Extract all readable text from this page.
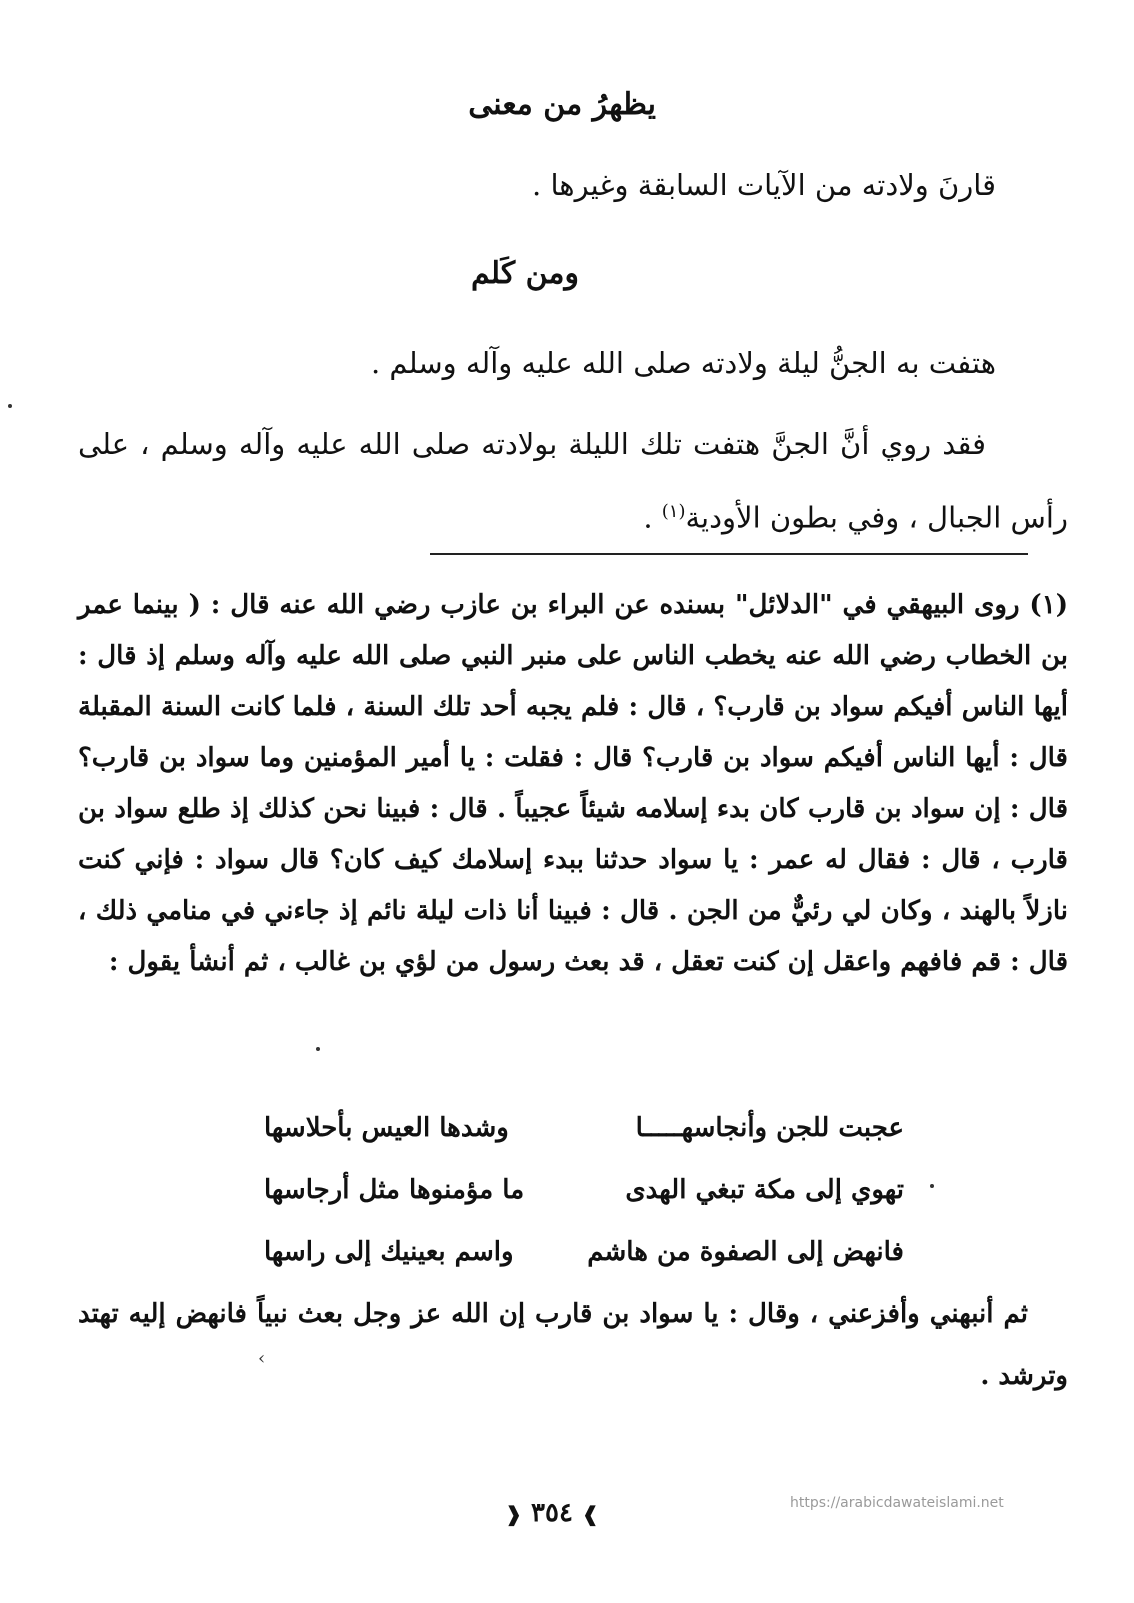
يظهرُ من معنى
قارنَ ولادته من الآيات السابقة وغيرها .
ومن كَلم
هتفت به الجنُّ ليلة ولادته صلى الله عليه وآله وسلم .
فقد روي أنَّ الجنَّ هتفت تلك الليلة بولادته صلى الله عليه وآله وسلم ، على رأس الجبال ، وفي بطون الأودية$^{(١)}$ .
(١) روى البيهقي في "الدلائل" بسنده عن البراء بن عازب رضي الله عنه قال : ( بينما عمر بن الخطاب رضي الله عنه يخطب الناس على منبر النبي صلى الله عليه وآله وسلم إذ قال : أيها الناس أفيكم سواد بن قارب؟ ، قال : فلم يجبه أحد تلك السنة ، فلما كانت السنة المقبلة قال : أيها الناس أفيكم سواد بن قارب؟ قال : فقلت : يا أمير المؤمنين وما سواد بن قارب؟ قال : إن سواد بن قارب كان بدء إسلامه شيئاً عجيباً . قال : فبينا نحن كذلك إذ طلع سواد بن قارب ، قال : فقال له عمر : يا سواد حدثنا ببدء إسلامك كيف كان؟ قال سواد : فإني كنت نازلاً بالهند ، وكان لي رئيٌّ من الجن . قال : فبينا أنا ذات ليلة نائم إذ جاءني في منامي ذلك ، قال : قم فافهم واعقل إن كنت تعقل ، قد بعث رسول من لؤي بن غالب ، ثم أنشأ يقول :
عجبت للجن وأنجاسهـــــا
وشدها العيس بأحلاسها
تهوي إلى مكة تبغي الهدى
ما مؤمنوها مثل أرجاسها
فانهض إلى الصفوة من هاشم
واسم بعينيك إلى راسها
ثم أنبهني وأفزعني ، وقال : يا سواد بن قارب إن الله عز وجل بعث نبياً فانهض إليه تهتد وترشد .
❱ ٣٥٤ ❰	https://arabicdawateislami.net
›
